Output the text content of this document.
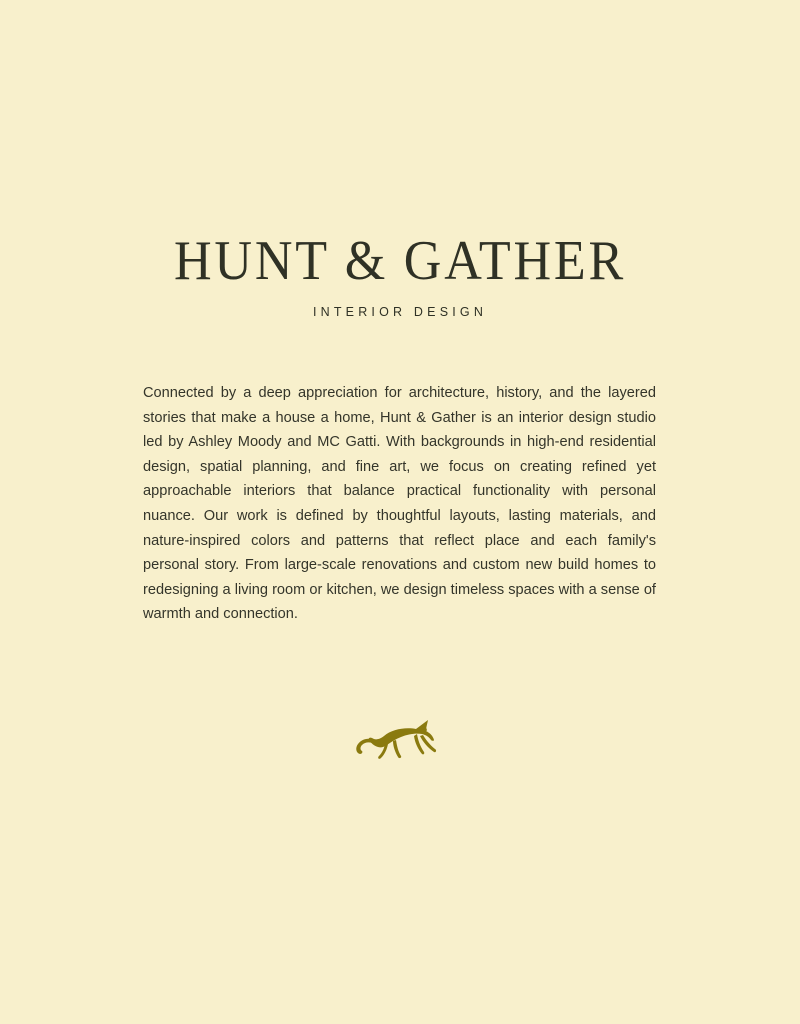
HUNT & GATHER
INTERIOR DESIGN

Connected by a deep appreciation for architecture, history, and the layered stories that make a house a home, Hunt & Gather is an interior design studio led by Ashley Moody and MC Gatti. With backgrounds in high-end residential design, spatial planning, and fine art, we focus on creating refined yet approachable interiors that balance practical functionality with personal nuance. Our work is defined by thoughtful layouts, lasting materials, and nature-inspired colors and patterns that reflect place and each family's personal story. From large-scale renovations and custom new build homes to redesigning a living room or kitchen, we design timeless spaces with a sense of warmth and connection.
